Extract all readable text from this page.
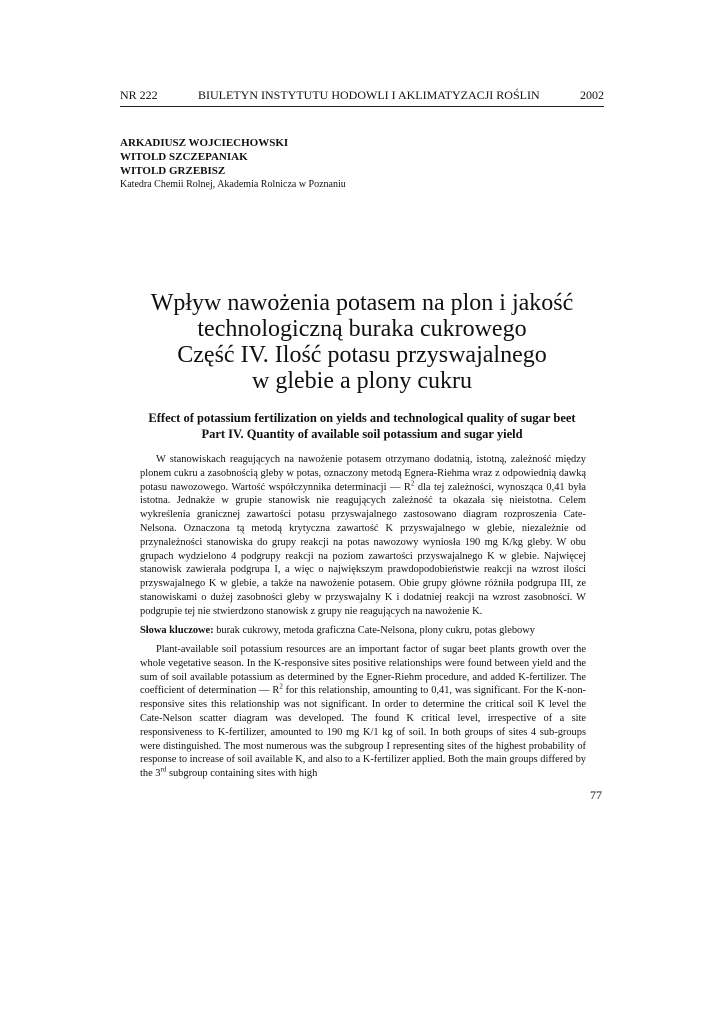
NR 222	BIULETYN INSTYTUTU HODOWLI I AKLIMATYZACJI ROŚLIN	2002
ARKADIUSZ WOJCIECHOWSKI
WITOLD SZCZEPANIAK
WITOLD GRZEBISZ
Katedra Chemii Rolnej, Akademia Rolnicza w Poznaniu
Wpływ nawożenia potasem na plon i jakość
technologiczną buraka cukrowego
Część IV. Ilość potasu przyswajalnego
w glebie a plony cukru
Effect of potassium fertilization on yields and technological quality of sugar beet
Part IV. Quantity of available soil potassium and sugar yield

W stanowiskach reagujących na nawożenie potasem otrzymano dodatnią, istotną, zależność między plonem cukru a zasobnością gleby w potas, oznaczony metodą Egnera-Riehma wraz z odpowiednią dawką potasu nawozowego. Wartość współczynnika determinacji — $R^2$ dla tej zależności, wynosząca 0,41 była istotna. Jednakże w grupie stanowisk nie reagujących zależność ta okazała się nieistotna. Celem wykreślenia granicznej zawartości potasu przyswajalnego zastosowano diagram rozproszenia Cate-Nelsona. Oznaczona tą metodą krytyczna zawartość K przyswajalnego w glebie, niezależnie od przynależności stanowiska do grupy reakcji na potas nawozowy wyniosła 190 mg K/kg gleby. W obu grupach wydzielono 4 podgrupy reakcji na poziom zawartości przyswajalnego K w glebie. Najwięcej stanowisk zawierała podgrupa I, a więc o największym prawdopodobieństwie reakcji na wzrost ilości przyswajalnego K w glebie, a także na nawożenie potasem. Obie grupy główne różniła podgrupa III, ze stanowiskami o dużej zasobności gleby w przyswajalny K i dodatniej reakcji na wzrost zasobności. W podgrupie tej nie stwierdzono stanowisk z grupy nie reagujących na nawożenie K.

Słowa kluczowe: burak cukrowy, metoda graficzna Cate-Nelsona, plony cukru, potas glebowy

Plant-available soil potassium resources are an important factor of sugar beet plants growth over the whole vegetative season. In the K-responsive sites positive relationships were found between yield and the sum of soil available potassium as determined by the Egner-Riehm procedure, and added K-fertilizer. The coefficient of determination — $R^2$ for this relationship, amounting to 0,41, was significant. For the K-non-responsive sites this relationship was not significant. In order to determine the critical soil K level the Cate-Nelson scatter diagram was developed. The found K critical level, irrespective of a site responsiveness to K-fertilizer, amounted to 190 mg K/1 kg of soil. In both groups of sites 4 sub-groups were distinguished. The most numerous was the subgroup I representing sites of the highest probability of response to increase of soil available K, and also to a K-fertilizer applied. Both the main groups differed by the 3rd subgroup containing sites with high

77
